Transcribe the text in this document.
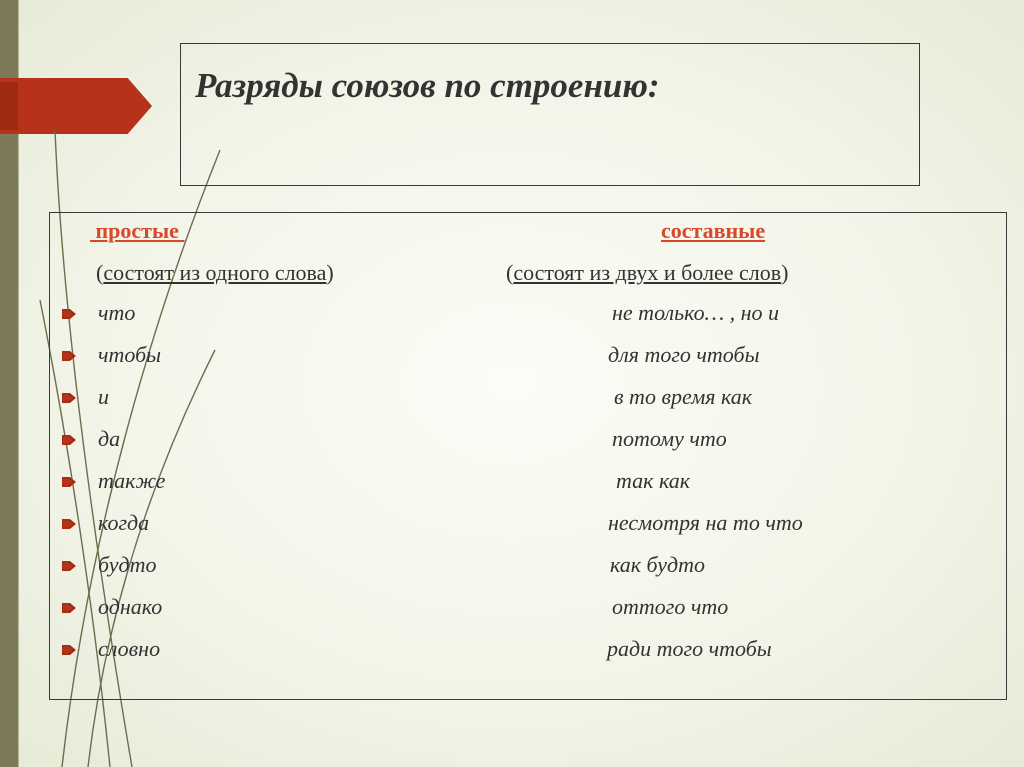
Разряды союзов по строению:
простые	составные
(состоят из одного слова)	(состоят из двух и более слов)
что	не только… , но и
чтобы	для того чтобы
и	в то время как
да	потому что
также	так как
когда	несмотря на то что
будто	как будто
однако	оттого что
словно	ради того чтобы
